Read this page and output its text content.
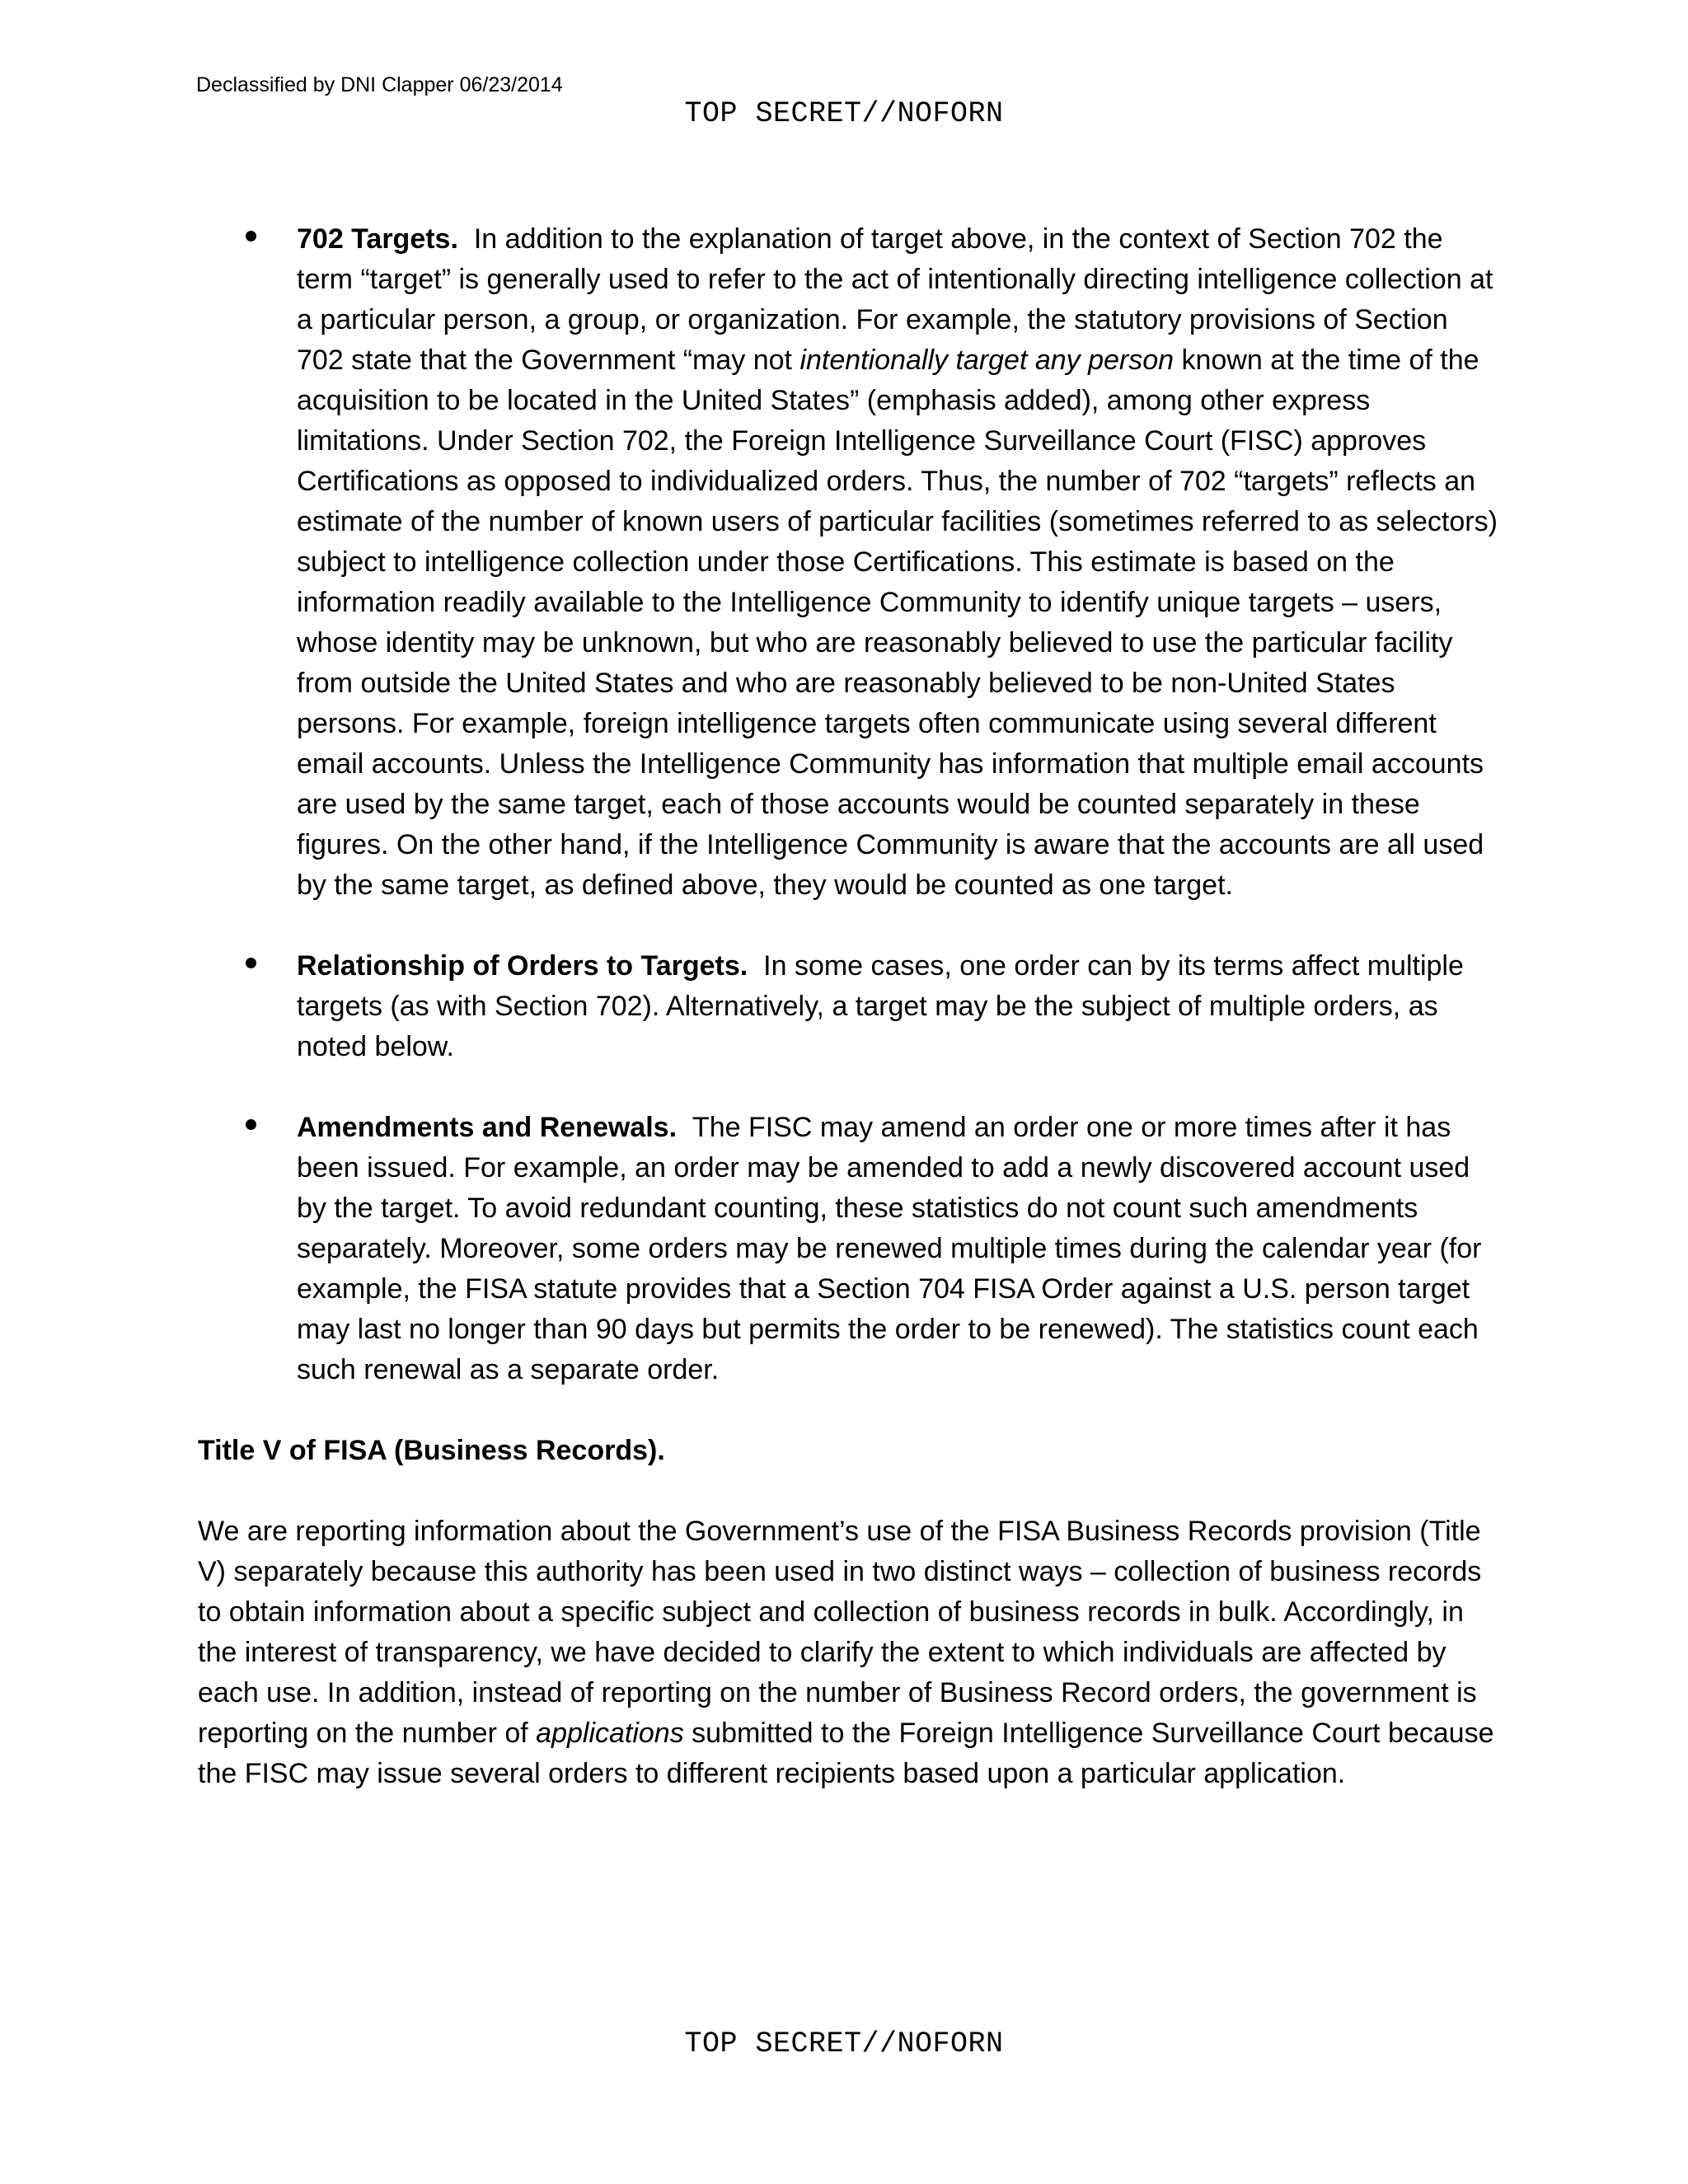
Declassified by DNI Clapper 06/23/2014
TOP SECRET//NOFORN
702 Targets. In addition to the explanation of target above, in the context of Section 702 the term “target” is generally used to refer to the act of intentionally directing intelligence collection at a particular person, a group, or organization. For example, the statutory provisions of Section 702 state that the Government “may not intentionally target any person known at the time of the acquisition to be located in the United States” (emphasis added), among other express limitations. Under Section 702, the Foreign Intelligence Surveillance Court (FISC) approves Certifications as opposed to individualized orders. Thus, the number of 702 “targets” reflects an estimate of the number of known users of particular facilities (sometimes referred to as selectors) subject to intelligence collection under those Certifications. This estimate is based on the information readily available to the Intelligence Community to identify unique targets – users, whose identity may be unknown, but who are reasonably believed to use the particular facility from outside the United States and who are reasonably believed to be non-United States persons. For example, foreign intelligence targets often communicate using several different email accounts. Unless the Intelligence Community has information that multiple email accounts are used by the same target, each of those accounts would be counted separately in these figures. On the other hand, if the Intelligence Community is aware that the accounts are all used by the same target, as defined above, they would be counted as one target.
Relationship of Orders to Targets. In some cases, one order can by its terms affect multiple targets (as with Section 702). Alternatively, a target may be the subject of multiple orders, as noted below.
Amendments and Renewals. The FISC may amend an order one or more times after it has been issued. For example, an order may be amended to add a newly discovered account used by the target. To avoid redundant counting, these statistics do not count such amendments separately. Moreover, some orders may be renewed multiple times during the calendar year (for example, the FISA statute provides that a Section 704 FISA Order against a U.S. person target may last no longer than 90 days but permits the order to be renewed). The statistics count each such renewal as a separate order.
Title V of FISA (Business Records).

We are reporting information about the Government’s use of the FISA Business Records provision (Title V) separately because this authority has been used in two distinct ways – collection of business records to obtain information about a specific subject and collection of business records in bulk. Accordingly, in the interest of transparency, we have decided to clarify the extent to which individuals are affected by each use. In addition, instead of reporting on the number of Business Record orders, the government is reporting on the number of applications submitted to the Foreign Intelligence Surveillance Court because the FISC may issue several orders to different recipients based upon a particular application.

TOP SECRET//NOFORN
